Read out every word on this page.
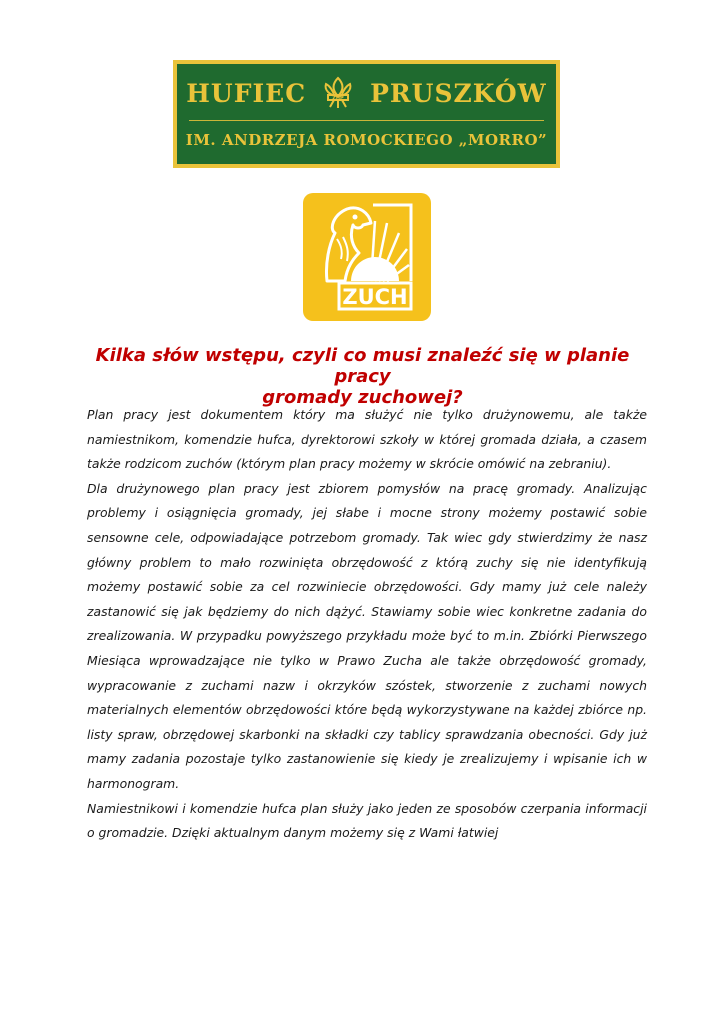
HUFIEC	ZHP PRUSZKÓW
IM. ANDRZEJA ROMOCKIEGO „MORRO”
ZUCH
Kilka słów wstępu, czyli co musi znaleźć się w planie pracy
gromady zuchowej?

Plan pracy jest dokumentem który ma służyć nie tylko drużynowemu, ale także namiestnikom, komendzie hufca, dyrektorowi szkoły w której gromada działa, a czasem także rodzicom zuchów (którym plan pracy możemy w skrócie omówić na zebraniu).

Dla drużynowego plan pracy jest zbiorem pomysłów na pracę gromady. Analizując problemy i osiągnięcia gromady, jej słabe i mocne strony możemy postawić sobie sensowne cele, odpowiadające potrzebom gromady. Tak wiec gdy stwierdzimy że nasz główny problem to mało rozwinięta obrzędowość z którą zuchy się nie identyfikują możemy postawić sobie za cel rozwiniecie obrzędowości. Gdy mamy już cele należy zastanowić się jak będziemy do nich dążyć. Stawiamy sobie wiec konkretne zadania do zrealizowania. W przypadku powyższego przykładu może być to m.in. Zbiórki Pierwszego Miesiąca wprowadzające nie tylko w Prawo Zucha ale także obrzędowość gromady, wypracowanie z zuchami nazw i okrzyków szóstek, stworzenie z zuchami nowych materialnych elementów obrzędowości które będą wykorzystywane na każdej zbiórce np. listy spraw, obrzędowej skarbonki na składki czy tablicy sprawdzania obecności. Gdy już mamy zadania pozostaje tylko zastanowienie się kiedy je zrealizujemy i wpisanie ich w harmonogram.

Namiestnikowi i komendzie hufca plan służy jako jeden ze sposobów czerpania informacji o gromadzie. Dzięki aktualnym danym możemy się z Wami łatwiej
